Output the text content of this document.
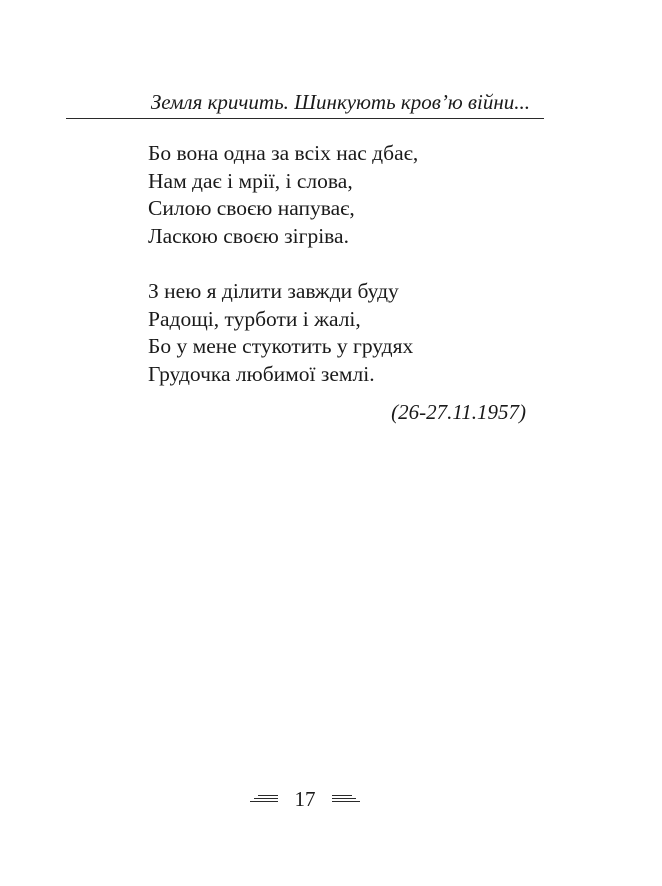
Земля кричить. Шинкують кров’ю війни...
Бо вона одна за всіх нас дбає,
Нам дає і мрії, і слова,
Силою своєю напуває,
Ласкою своєю зігріва.
З нею я ділити завжди буду
Радощі, турботи і жалі,
Бо у мене стукотить у грудях
Грудочка любимої землі.
(26-27.11.1957)
17
